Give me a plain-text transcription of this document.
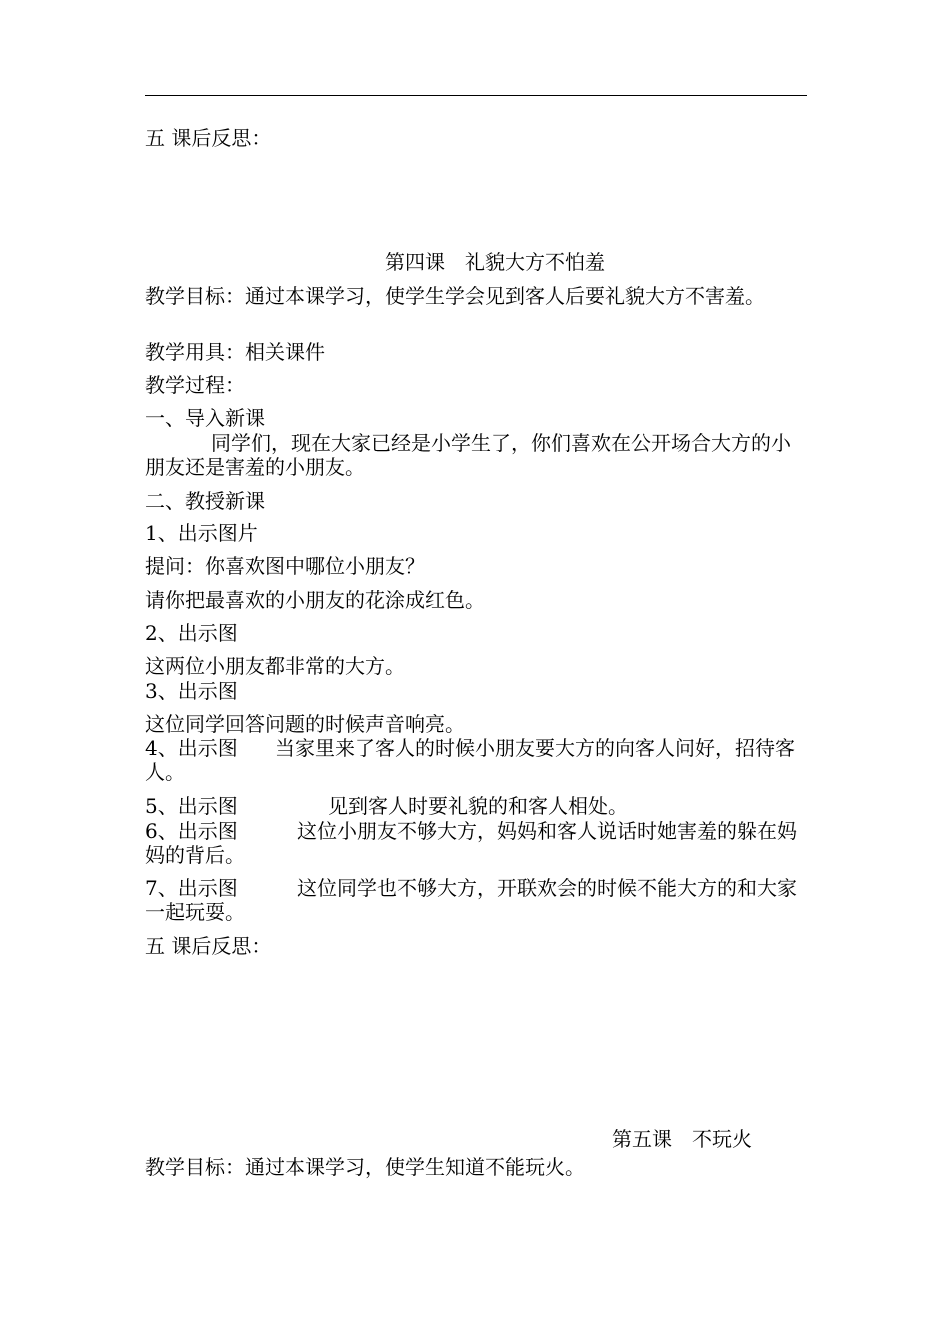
五 课后反思：
第四课　礼貌大方不怕羞
教学目标：通过本课学习，使学生学会见到客人后要礼貌大方不害羞。
教学用具：相关课件
教学过程：
一、导入新课
同学们，现在大家已经是小学生了，你们喜欢在公开场合大方的小朋友还是害羞的小朋友。
二、教授新课
1、出示图片
提问：你喜欢图中哪位小朋友？
请你把最喜欢的小朋友的花涂成红色。
2、出示图
这两位小朋友都非常的大方。
3、出示图
这位同学回答问题的时候声音响亮。
4、出示图	当家里来了客人的时候小朋友要大方的向客人问好，招待客人。
5、出示图	见到客人时要礼貌的和客人相处。
6、出示图	这位小朋友不够大方，妈妈和客人说话时她害羞的躲在妈妈的背后。
7、出示图	这位同学也不够大方，开联欢会的时候不能大方的和大家一起玩耍。
五 课后反思：
第五课　不玩火
教学目标：通过本课学习，使学生知道不能玩火。
